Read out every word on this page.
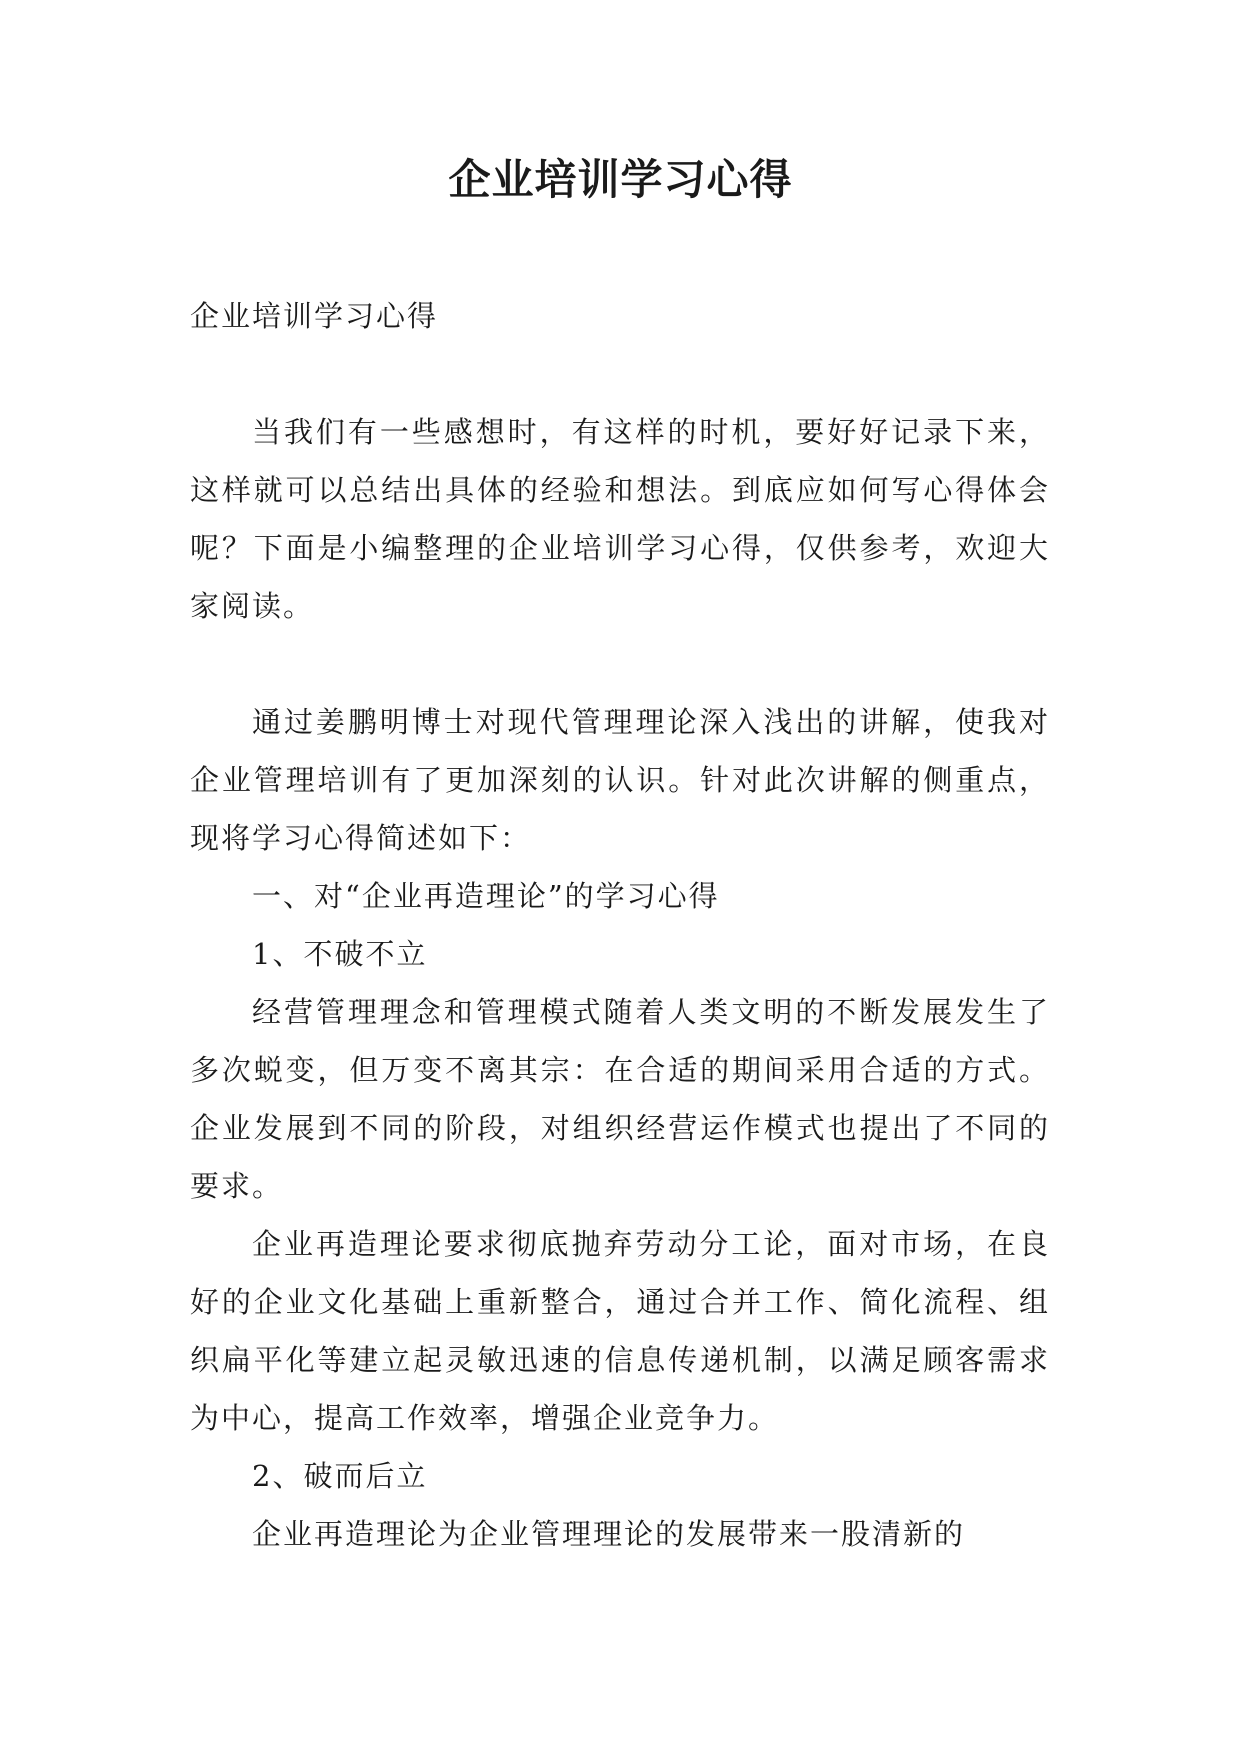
企业培训学习心得

企业培训学习心得

当我们有一些感想时，有这样的时机，要好好记录下来，这样就可以总结出具体的经验和想法。到底应如何写心得体会呢？下面是小编整理的企业培训学习心得，仅供参考，欢迎大家阅读。

通过姜鹏明博士对现代管理理论深入浅出的讲解，使我对企业管理培训有了更加深刻的认识。针对此次讲解的侧重点，现将学习心得简述如下：

一、对“企业再造理论”的学习心得

1、不破不立

经营管理理念和管理模式随着人类文明的不断发展发生了多次蜕变，但万变不离其宗：在合适的期间采用合适的方式。企业发展到不同的阶段，对组织经营运作模式也提出了不同的要求。

企业再造理论要求彻底抛弃劳动分工论，面对市场，在良好的企业文化基础上重新整合，通过合并工作、简化流程、组织扁平化等建立起灵敏迅速的信息传递机制，以满足顾客需求为中心，提高工作效率，增强企业竞争力。

2、破而后立

企业再造理论为企业管理理论的发展带来一股清新的
